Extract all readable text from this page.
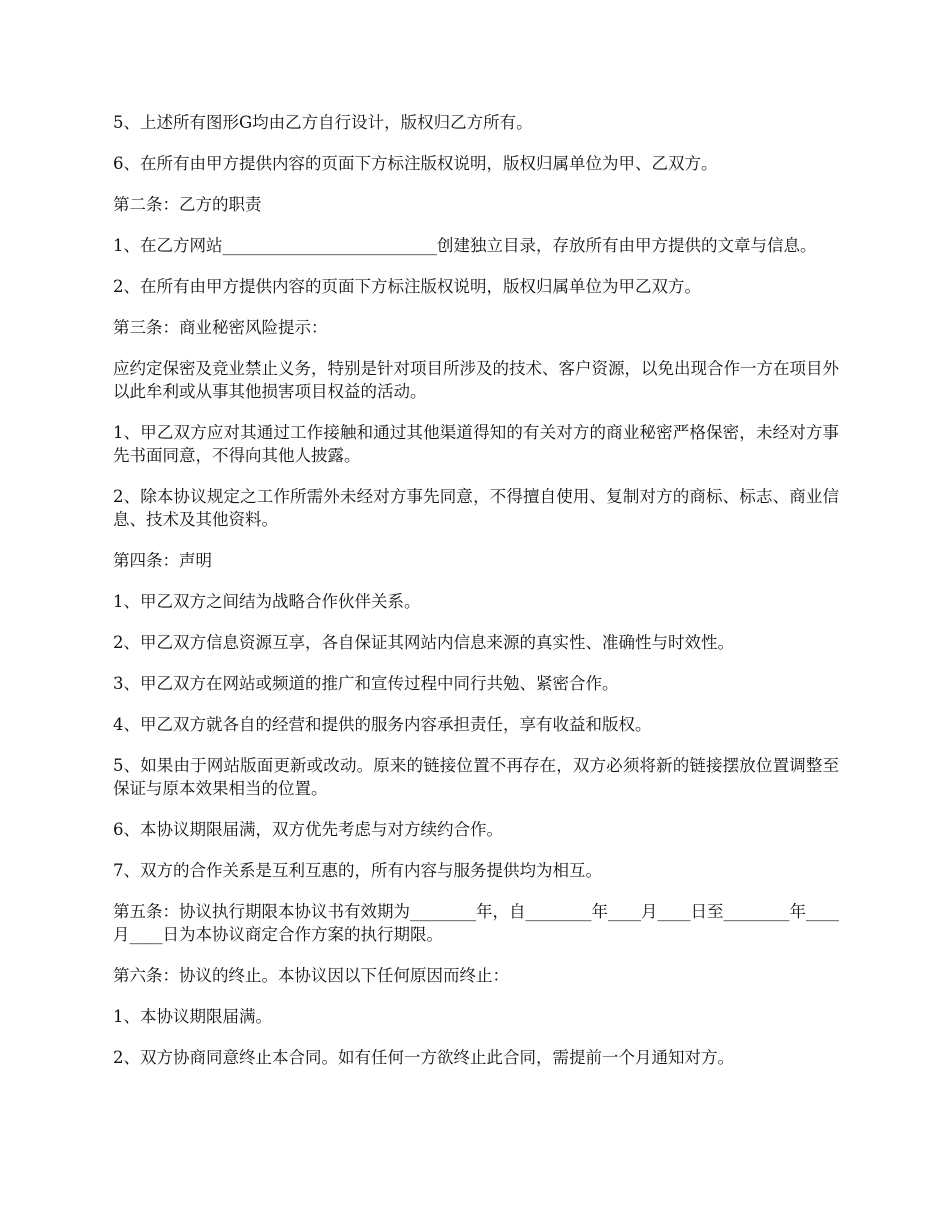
5、上述所有图形G均由乙方自行设计，版权归乙方所有。

6、在所有由甲方提供内容的页面下方标注版权说明，版权归属单位为甲、乙双方。

第二条：乙方的职责

1、在乙方网站__________________________创建独立目录，存放所有由甲方提供的文章与信息。

2、在所有由甲方提供内容的页面下方标注版权说明，版权归属单位为甲乙双方。

第三条：商业秘密风险提示：

应约定保密及竞业禁止义务，特别是针对项目所涉及的技术、客户资源，以免出现合作一方在项目外以此牟利或从事其他损害项目权益的活动。

1、甲乙双方应对其通过工作接触和通过其他渠道得知的有关对方的商业秘密严格保密，未经对方事先书面同意，不得向其他人披露。

2、除本协议规定之工作所需外未经对方事先同意，不得擅自使用、复制对方的商标、标志、商业信息、技术及其他资料。

第四条：声明

1、甲乙双方之间结为战略合作伙伴关系。

2、甲乙双方信息资源互享，各自保证其网站内信息来源的真实性、准确性与时效性。

3、甲乙双方在网站或频道的推广和宣传过程中同行共勉、紧密合作。

4、甲乙双方就各自的经营和提供的服务内容承担责任，享有收益和版权。

5、如果由于网站版面更新或改动。原来的链接位置不再存在，双方必须将新的链接摆放位置调整至保证与原本效果相当的位置。

6、本协议期限届满，双方优先考虑与对方续约合作。

7、双方的合作关系是互利互惠的，所有内容与服务提供均为相互。

第五条：协议执行期限本协议书有效期为________年，自________年____月____日至________年____月____日为本协议商定合作方案的执行期限。

第六条：协议的终止。本协议因以下任何原因而终止：

1、本协议期限届满。

2、双方协商同意终止本合同。如有任何一方欲终止此合同，需提前一个月通知对方。
